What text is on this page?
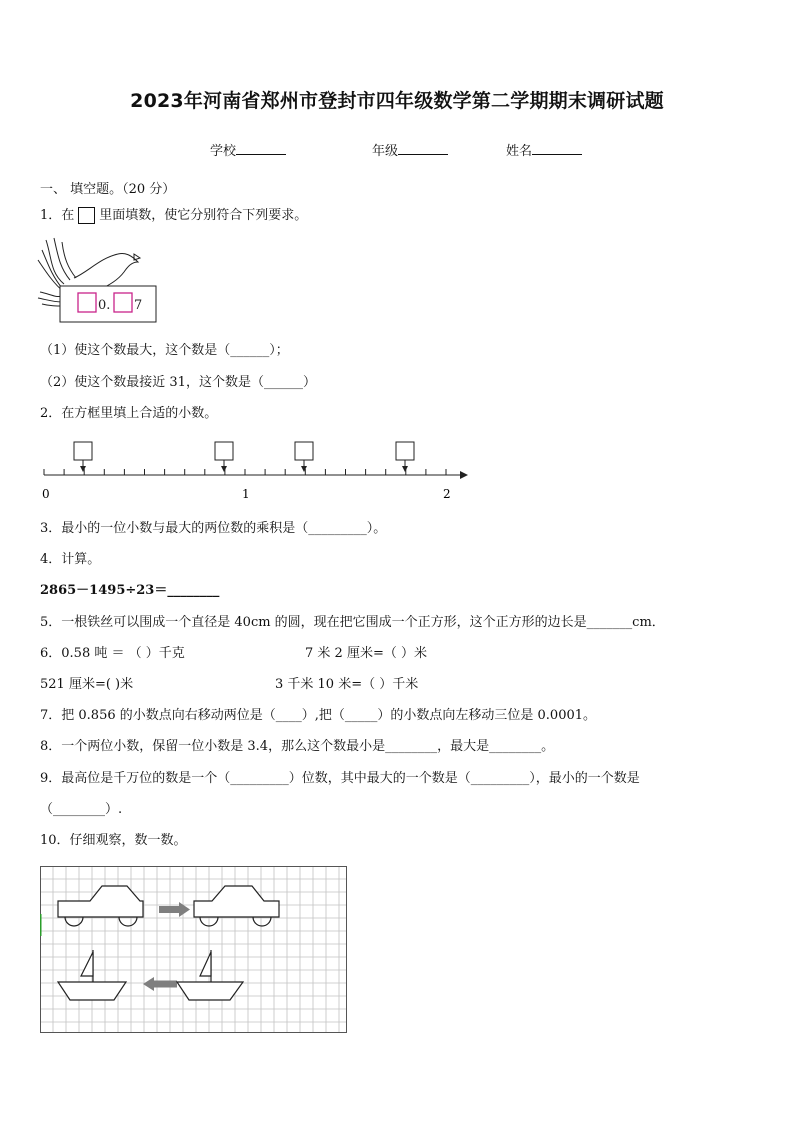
2023年河南省郑州市登封市四年级数学第二学期期末调研试题
学校	年级	姓名
一、 填空题。（20 分）
1．在 里面填数，使它分别符合下列要求。
0. 7
（1）使这个数最大，这个数是（______）；
（2）使这个数最接近 31，这个数是（______）
2．在方框里填上合适的小数。
0	1	2
3．最小的一位小数与最大的两位数的乘积是（_________）。
4．计算。
2865－1495÷23＝________
5．一根铁丝可以围成一个直径是 40cm 的圆，现在把它围成一个正方形，这个正方形的边长是_______cm．
6．0.58 吨 ＝ （ ）千克	7 米 2 厘米=（ ）米
521 厘米=( )米	3 千米 10 米=（ ）千米
7．把 0.856 的小数点向右移动两位是（____）,把（_____）的小数点向左移动三位是 0.0001。
8．一个两位小数，保留一位小数是 3.4，那么这个数最小是________，最大是________。
9．最高位是千万位的数是一个（_________）位数，其中最大的一个数是（_________），最小的一个数是
（________）.
10．仔细观察，数一数。
